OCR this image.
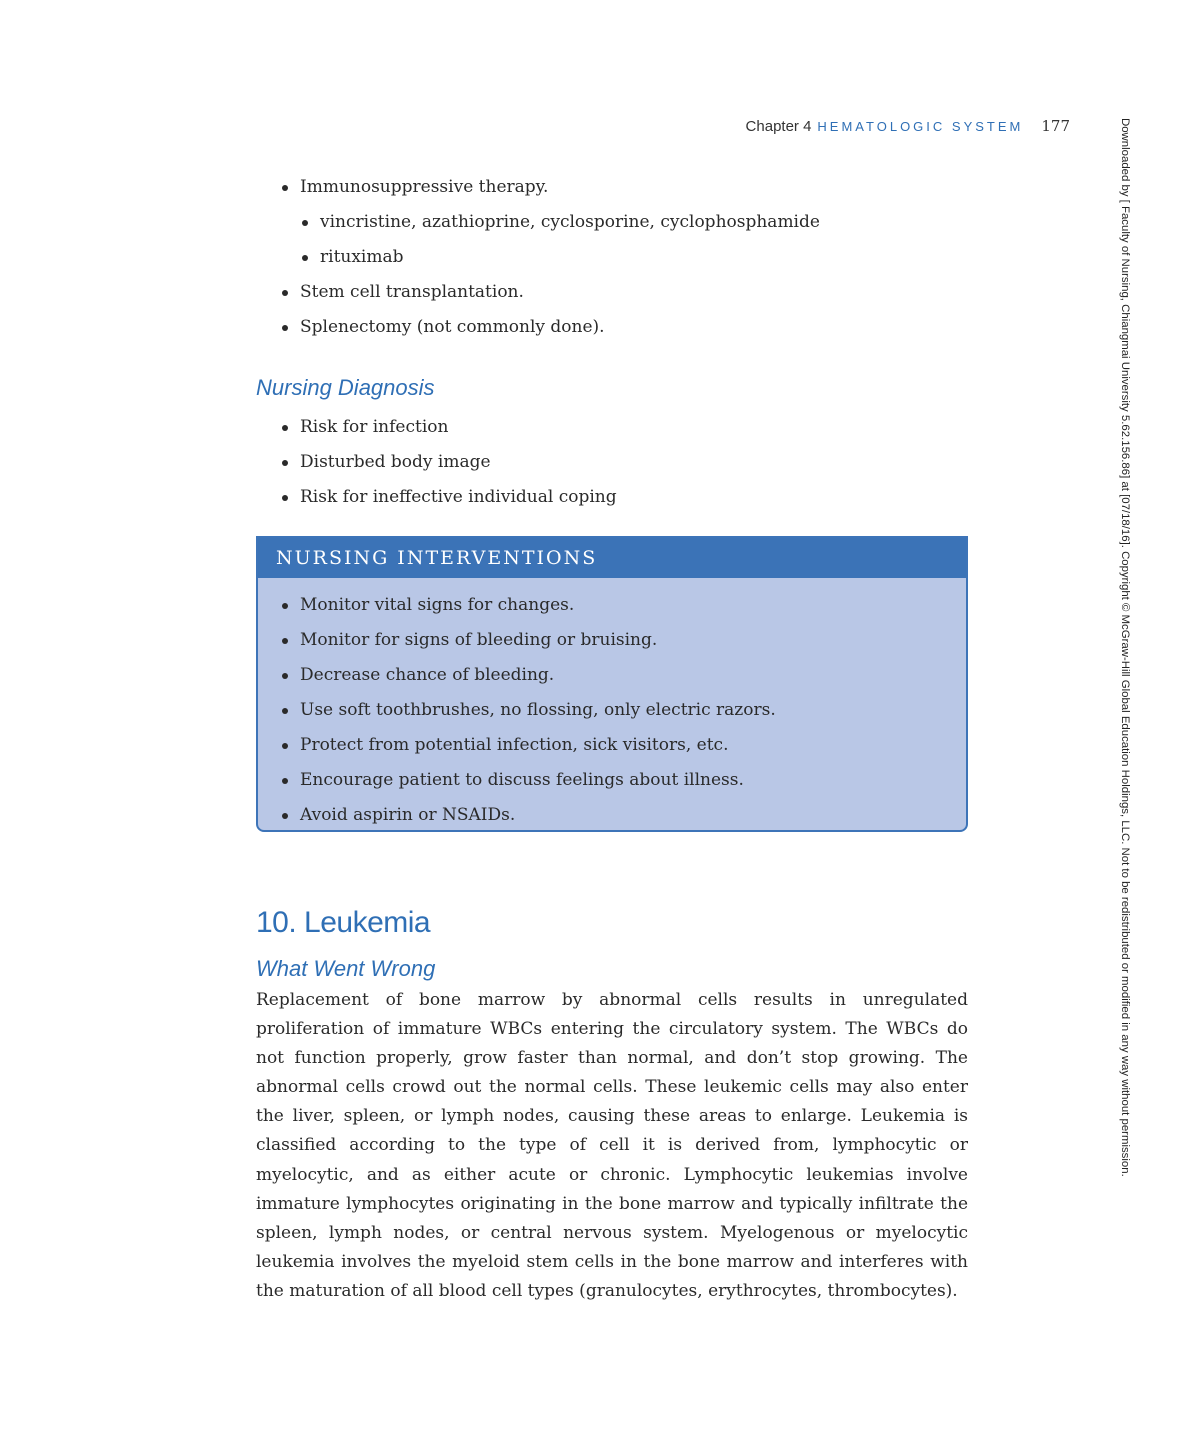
Chapter 4 HEMATOLOGIC SYSTEM 177	Downloaded by [ Faculty of Nursing, Chiangmai University 5.62.156.86] at [07/18/16]. Copyright © McGraw-Hill Global Education Holdings, LLC. Not to be redistributed or modified in any way without permission.
Immunosuppressive therapy.
vincristine, azathioprine, cyclosporine, cyclophosphamide
rituximab
Stem cell transplantation.
Splenectomy (not commonly done).
Nursing Diagnosis
Risk for infection
Disturbed body image
Risk for ineffective individual coping
NURSING INTERVENTIONS
Monitor vital signs for changes.
Monitor for signs of bleeding or bruising.
Decrease chance of bleeding.
Use soft toothbrushes, no flossing, only electric razors.
Protect from potential infection, sick visitors, etc.
Encourage patient to discuss feelings about illness.
Avoid aspirin or NSAIDs.
10. Leukemia
What Went Wrong

Replacement of bone marrow by abnormal cells results in unregulated proliferation of immature WBCs entering the circulatory system. The WBCs do not function properly, grow faster than normal, and don’t stop growing. The abnormal cells crowd out the normal cells. These leukemic cells may also enter the liver, spleen, or lymph nodes, causing these areas to enlarge. Leukemia is classified according to the type of cell it is derived from, lymphocytic or myelocytic, and as either acute or chronic. Lymphocytic leukemias involve immature lymphocytes originating in the bone marrow and typically infiltrate the spleen, lymph nodes, or central nervous system. Myelogenous or myelocytic leukemia involves the myeloid stem cells in the bone marrow and interferes with the maturation of all blood cell types (granulocytes, erythrocytes, thrombocytes).
